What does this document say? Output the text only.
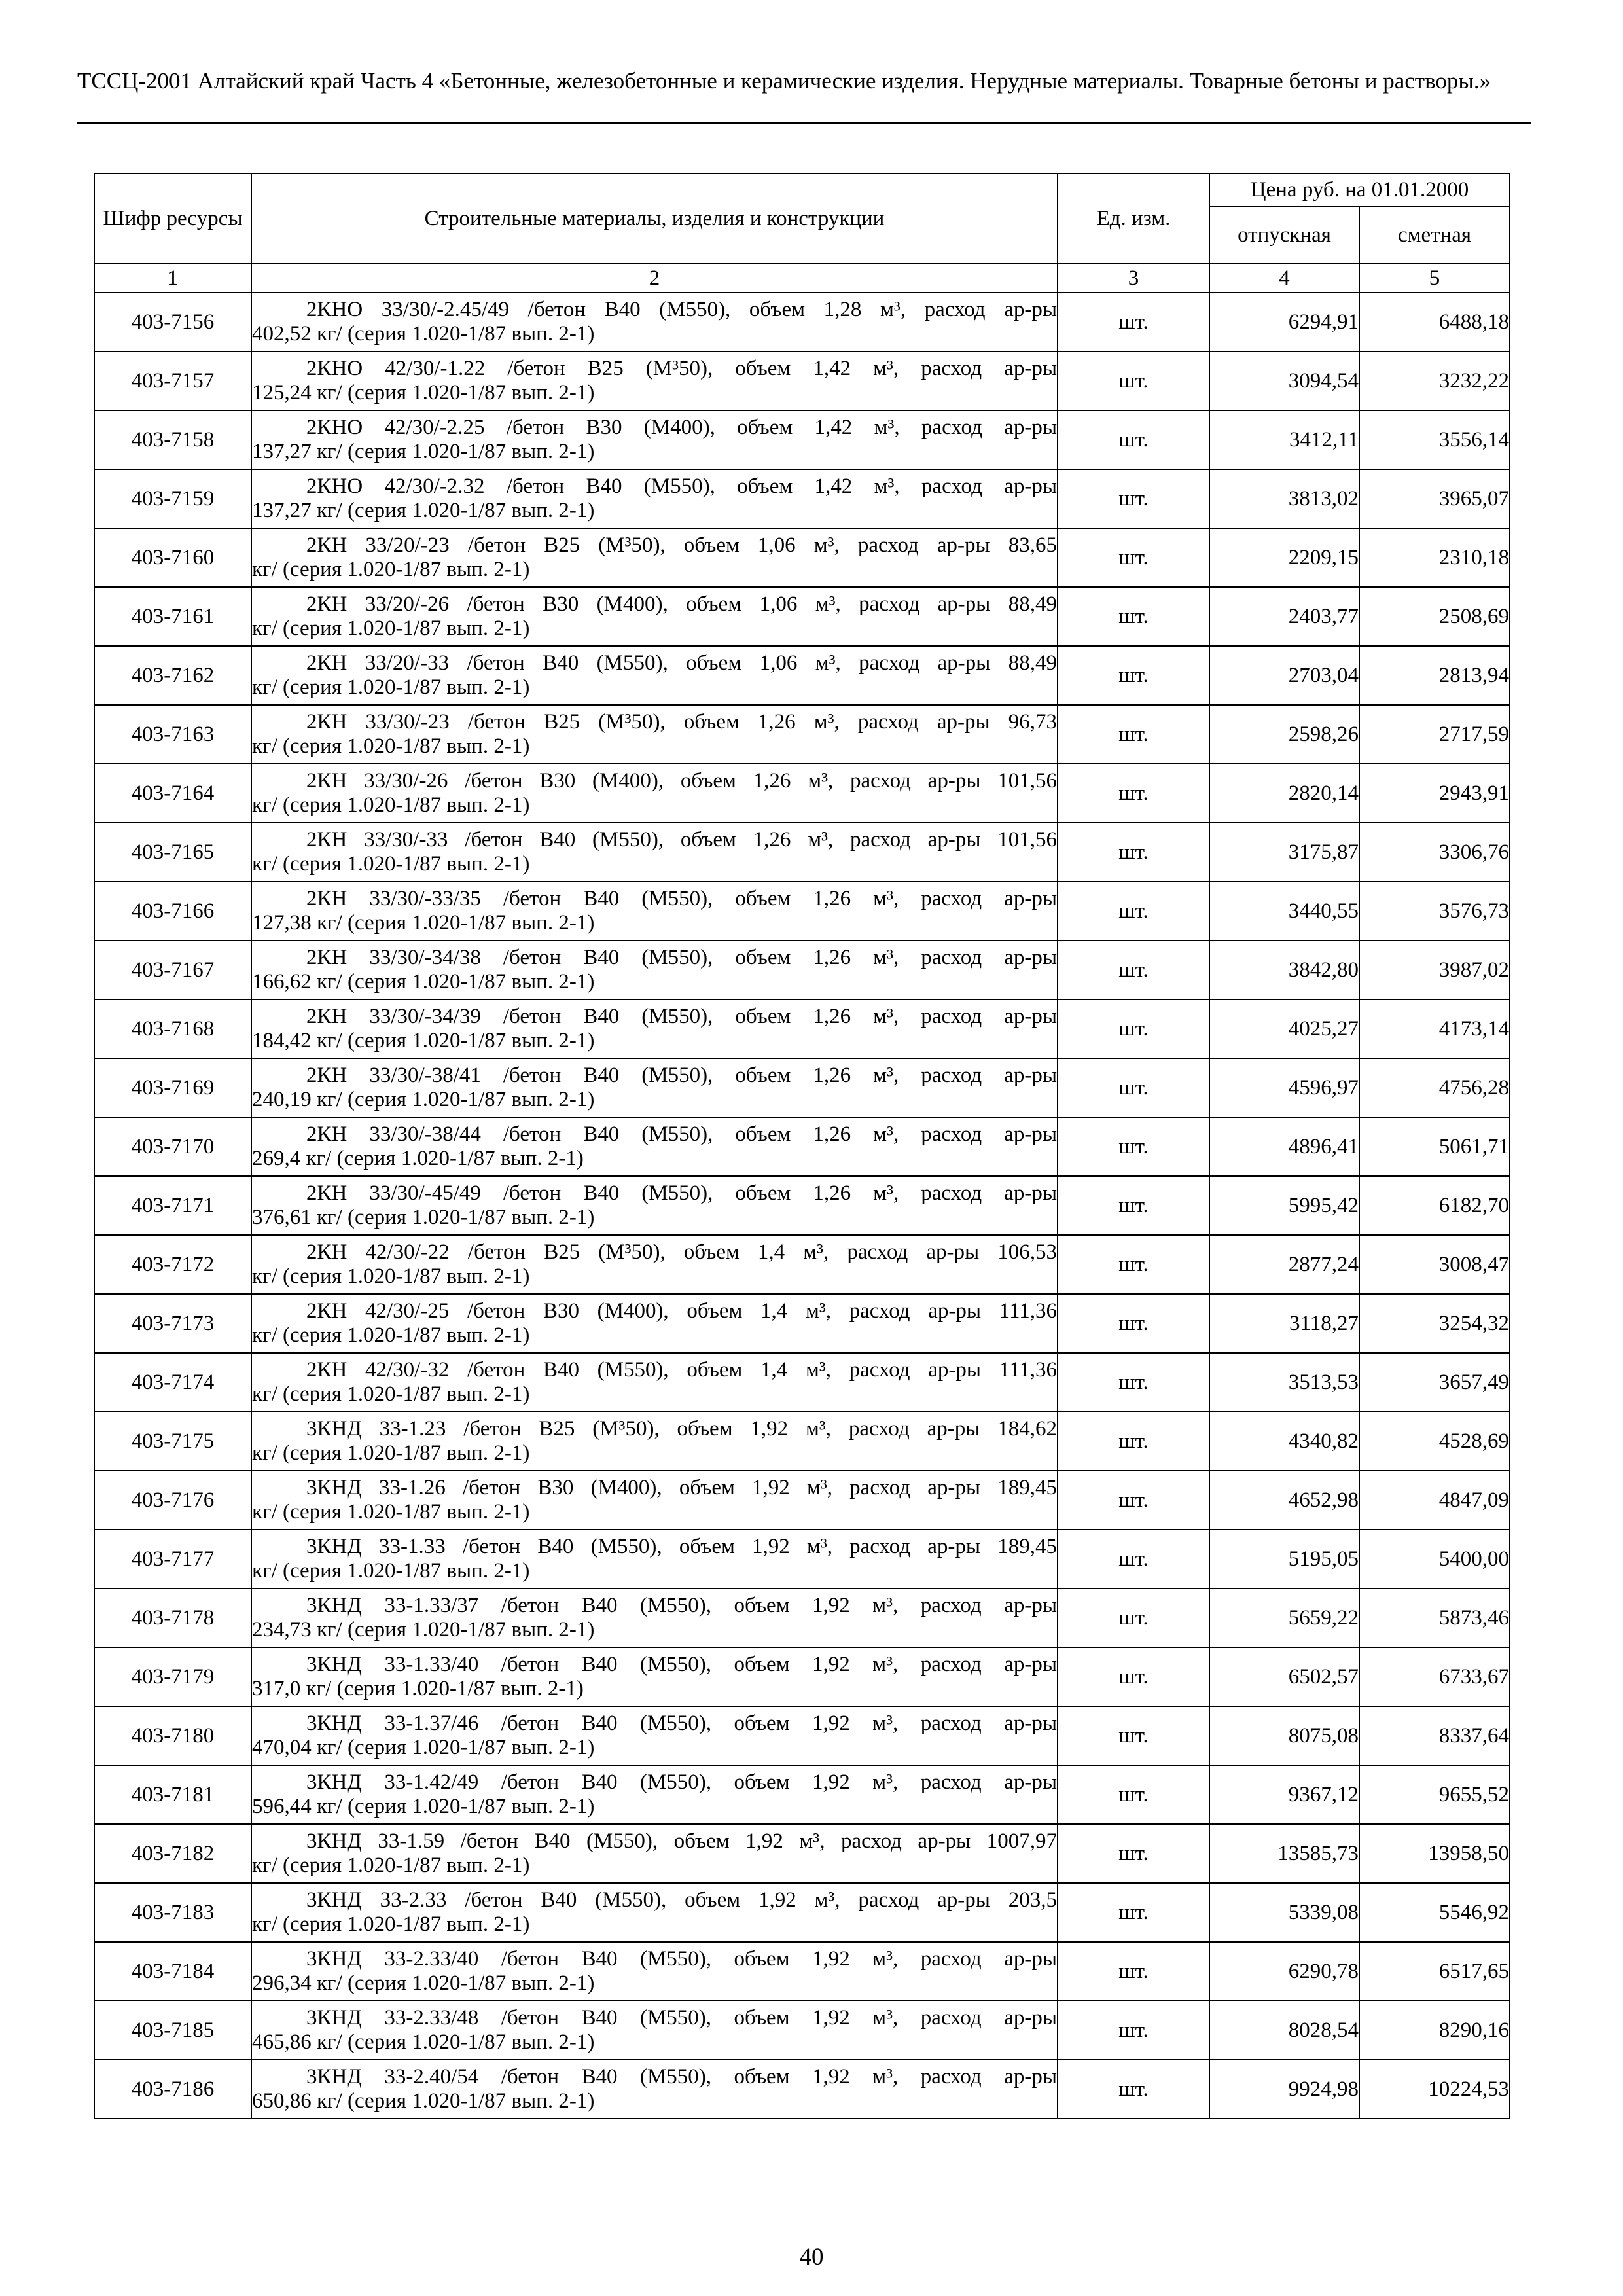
ТССЦ-2001 Алтайский край Часть 4 «Бетонные, железобетонные и керамические изделия. Нерудные материалы. Товарные бетоны и растворы.»
Шифр ресурсы	Строительные материалы, изделия и конструкции	Ед. изм.	Цена руб. на 01.01.2000	
			отпускная	сметная
1	2	3	4	5
403-7156	2КНО 33/30/-2.45/49 /бетон В40 (М550), объем 1,28 м³, расход ар-ры
402,52 кг/ (серия 1.020-1/87 вып. 2-1)	шт.	6294,91	6488,18
403-7157	2КНО 42/30/-1.22 /бетон В25 (М³50), объем 1,42 м³, расход ар-ры
125,24 кг/ (серия 1.020-1/87 вып. 2-1)	шт.	3094,54	3232,22
403-7158	2КНО 42/30/-2.25 /бетон В30 (М400), объем 1,42 м³, расход ар-ры
137,27 кг/ (серия 1.020-1/87 вып. 2-1)	шт.	3412,11	3556,14
403-7159	2КНО 42/30/-2.32 /бетон В40 (М550), объем 1,42 м³, расход ар-ры
137,27 кг/ (серия 1.020-1/87 вып. 2-1)	шт.	3813,02	3965,07
403-7160	2КН 33/20/-23 /бетон В25 (М³50), объем 1,06 м³, расход ар-ры 83,65
кг/ (серия 1.020-1/87 вып. 2-1)	шт.	2209,15	2310,18
403-7161	2КН 33/20/-26 /бетон В30 (М400), объем 1,06 м³, расход ар-ры 88,49
кг/ (серия 1.020-1/87 вып. 2-1)	шт.	2403,77	2508,69
403-7162	2КН 33/20/-33 /бетон В40 (М550), объем 1,06 м³, расход ар-ры 88,49
кг/ (серия 1.020-1/87 вып. 2-1)	шт.	2703,04	2813,94
403-7163	2КН 33/30/-23 /бетон В25 (М³50), объем 1,26 м³, расход ар-ры 96,73
кг/ (серия 1.020-1/87 вып. 2-1)	шт.	2598,26	2717,59
403-7164	2КН 33/30/-26 /бетон В30 (М400), объем 1,26 м³, расход ар-ры 101,56
кг/ (серия 1.020-1/87 вып. 2-1)	шт.	2820,14	2943,91
403-7165	2КН 33/30/-33 /бетон В40 (М550), объем 1,26 м³, расход ар-ры 101,56
кг/ (серия 1.020-1/87 вып. 2-1)	шт.	3175,87	3306,76
403-7166	2КН 33/30/-33/35 /бетон В40 (М550), объем 1,26 м³, расход ар-ры
127,38 кг/ (серия 1.020-1/87 вып. 2-1)	шт.	3440,55	3576,73
403-7167	2КН 33/30/-34/38 /бетон В40 (М550), объем 1,26 м³, расход ар-ры
166,62 кг/ (серия 1.020-1/87 вып. 2-1)	шт.	3842,80	3987,02
403-7168	2КН 33/30/-34/39 /бетон В40 (М550), объем 1,26 м³, расход ар-ры
184,42 кг/ (серия 1.020-1/87 вып. 2-1)	шт.	4025,27	4173,14
403-7169	2КН 33/30/-38/41 /бетон В40 (М550), объем 1,26 м³, расход ар-ры
240,19 кг/ (серия 1.020-1/87 вып. 2-1)	шт.	4596,97	4756,28
403-7170	2КН 33/30/-38/44 /бетон В40 (М550), объем 1,26 м³, расход ар-ры
269,4 кг/ (серия 1.020-1/87 вып. 2-1)	шт.	4896,41	5061,71
403-7171	2КН 33/30/-45/49 /бетон В40 (М550), объем 1,26 м³, расход ар-ры
376,61 кг/ (серия 1.020-1/87 вып. 2-1)	шт.	5995,42	6182,70
403-7172	2КН 42/30/-22 /бетон В25 (М³50), объем 1,4 м³, расход ар-ры 106,53
кг/ (серия 1.020-1/87 вып. 2-1)	шт.	2877,24	3008,47
403-7173	2КН 42/30/-25 /бетон В30 (М400), объем 1,4 м³, расход ар-ры 111,36
кг/ (серия 1.020-1/87 вып. 2-1)	шт.	3118,27	3254,32
403-7174	2КН 42/30/-32 /бетон В40 (М550), объем 1,4 м³, расход ар-ры 111,36
кг/ (серия 1.020-1/87 вып. 2-1)	шт.	3513,53	3657,49
403-7175	3КНД 33-1.23 /бетон В25 (М³50), объем 1,92 м³, расход ар-ры 184,62
кг/ (серия 1.020-1/87 вып. 2-1)	шт.	4340,82	4528,69
403-7176	3КНД 33-1.26 /бетон В30 (М400), объем 1,92 м³, расход ар-ры 189,45
кг/ (серия 1.020-1/87 вып. 2-1)	шт.	4652,98	4847,09
403-7177	3КНД 33-1.33 /бетон В40 (М550), объем 1,92 м³, расход ар-ры 189,45
кг/ (серия 1.020-1/87 вып. 2-1)	шт.	5195,05	5400,00
403-7178	3КНД 33-1.33/37 /бетон В40 (М550), объем 1,92 м³, расход ар-ры
234,73 кг/ (серия 1.020-1/87 вып. 2-1)	шт.	5659,22	5873,46
403-7179	3КНД 33-1.33/40 /бетон В40 (М550), объем 1,92 м³, расход ар-ры
317,0 кг/ (серия 1.020-1/87 вып. 2-1)	шт.	6502,57	6733,67
403-7180	3КНД 33-1.37/46 /бетон В40 (М550), объем 1,92 м³, расход ар-ры
470,04 кг/ (серия 1.020-1/87 вып. 2-1)	шт.	8075,08	8337,64
403-7181	3КНД 33-1.42/49 /бетон В40 (М550), объем 1,92 м³, расход ар-ры
596,44 кг/ (серия 1.020-1/87 вып. 2-1)	шт.	9367,12	9655,52
403-7182	3КНД 33-1.59 /бетон В40 (М550), объем 1,92 м³, расход ар-ры 1007,97
кг/ (серия 1.020-1/87 вып. 2-1)	шт.	13585,73	13958,50
403-7183	3КНД 33-2.33 /бетон В40 (М550), объем 1,92 м³, расход ар-ры 203,5
кг/ (серия 1.020-1/87 вып. 2-1)	шт.	5339,08	5546,92
403-7184	3КНД 33-2.33/40 /бетон В40 (М550), объем 1,92 м³, расход ар-ры
296,34 кг/ (серия 1.020-1/87 вып. 2-1)	шт.	6290,78	6517,65
403-7185	3КНД 33-2.33/48 /бетон В40 (М550), объем 1,92 м³, расход ар-ры
465,86 кг/ (серия 1.020-1/87 вып. 2-1)	шт.	8028,54	8290,16
403-7186	3КНД 33-2.40/54 /бетон В40 (М550), объем 1,92 м³, расход ар-ры
650,86 кг/ (серия 1.020-1/87 вып. 2-1)	шт.	9924,98	10224,53
40
